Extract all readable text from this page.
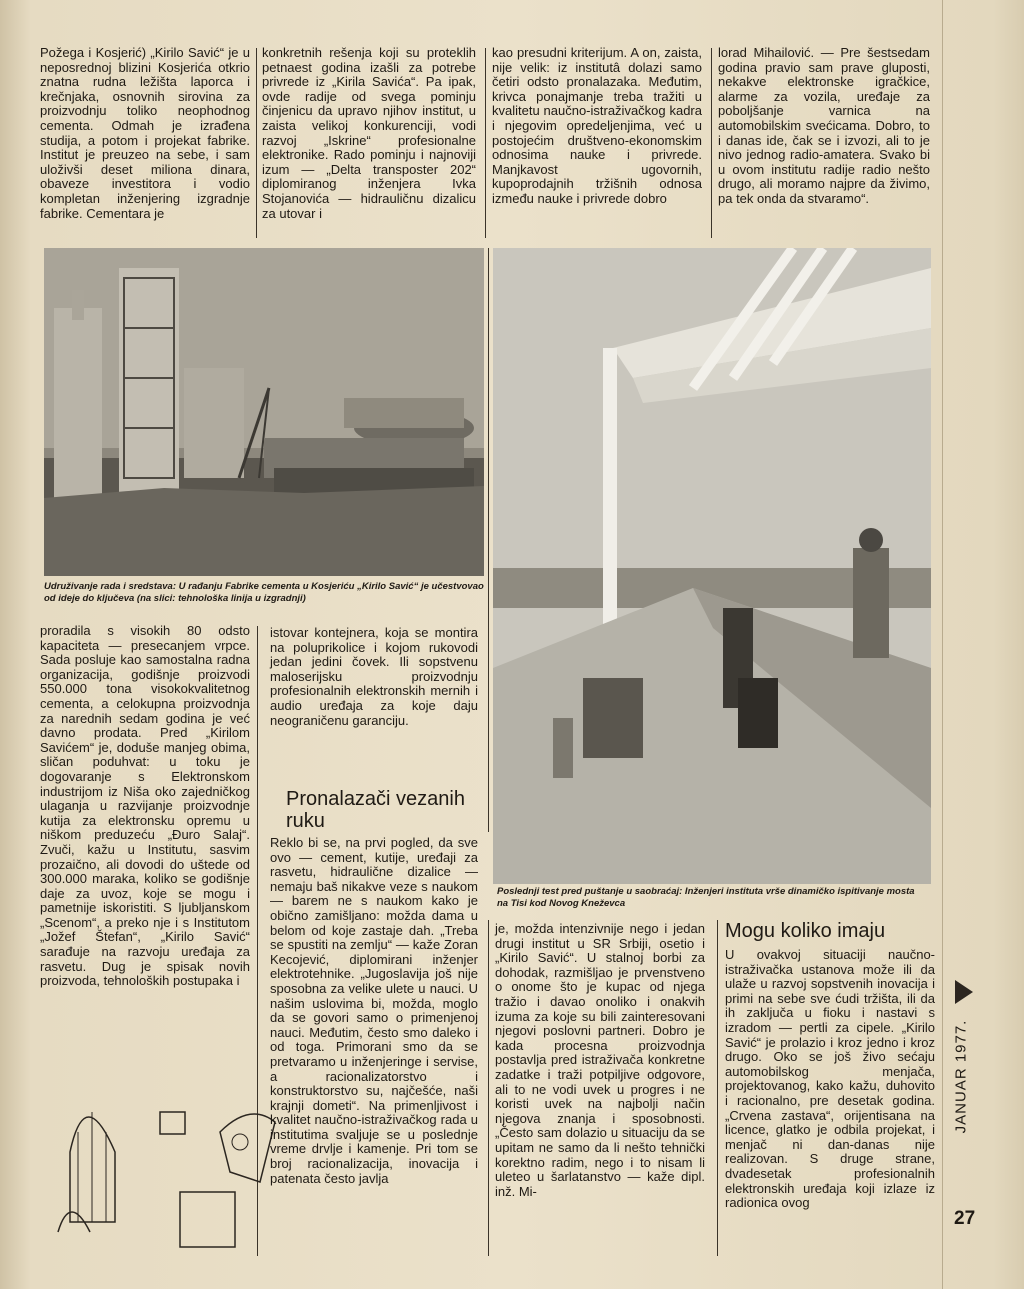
Požega i Kosjerić) „Kirilo Savić“ je u neposrednoj blizini Kosjerića otkrio znatna rudna ležišta laporca i krečnjaka, osnovnih sirovina za proizvodnju toliko neophodnog cementa. Odmah je izrađena studija, a potom i projekat fabrike. Institut je preuzeo na sebe, i sam uloživši deset miliona dinara, obaveze investitora i vodio kompletan inženjering izgradnje fabrike. Cementara je

konkretnih rešenja koji su proteklih petnaest godina izašli za potrebe privrede iz „Kirila Savića“. Pa ipak, ovde radije od svega pominju činjenicu da upravo njihov institut, u zaista velikoj konkurenciji, vodi razvoj „Iskrine“ profesionalne elektronike. Rado pominju i najnoviji izum — „Delta transposter 202“ diplomiranog inženjera Ivka Stojanovića — hidrauličnu dizalicu za utovar i

kao presudni kriterijum. A on, zaista, nije velik: iz institutâ dolazi samo četiri odsto pronalazaka. Međutim, krivca ponajmanje treba tražiti u kvalitetu naučno-istraživačkog kadra i njegovim opredeljenjima, već u postojećim društveno-ekonomskim odnosima nauke i privrede. Manjkavost ugovornih, kupoprodajnih tržišnih odnosa između nauke i privrede dobro

lorad Mihailović. — Pre šestsedam godina pravio sam prave gluposti, nekakve elektronske igračkice, alarme za vozila, uređaje za poboljšanje varnica na automobilskim svećicama. Dobro, to i danas ide, čak se i izvozi, ali to je nivo jednog radio-amatera. Svako bi u ovom institutu radije radio nešto drugo, ali moramo najpre da živimo, pa tek onda da stvaramo“.

Udruživanje rada i sredstava: U rađanju Fabrike cementa u Kosjeriću „Kirilo Savić“ je učestvovao od ideje do ključeva (na slici: tehnološka linija u izgradnji)

proradila s visokih 80 odsto kapaciteta — presecanjem vrpce. Sada posluje kao samostalna radna organizacija, godišnje proizvodi 550.000 tona visokokvalitetnog cementa, a celokupna proizvodnja za narednih sedam godina je već davno prodata. Pred „Kirilom Savićem“ je, doduše manjeg obima, sličan poduhvat: u toku je dogovaranje s Elektronskom industrijom iz Niša oko zajedničkog ulaganja u razvijanje proizvodnje kutija za elektronsku opremu u niškom preduzeću „Đuro Salaj“. Zvuči, kažu u Institutu, sasvim prozaično, ali dovodi do uštede od 300.000 maraka, koliko se godišnje daje za uvoz, koje se mogu i pametnije iskoristiti. S ljubljanskom „Scenom“, a preko nje i s Institutom „Jožef Štefan“, „Kirilo Savić“ sarađuje na razvoju uređaja za rasvetu. Dug je spisak novih proizvoda, tehnoloških postupaka i

istovar kontejnera, koja se montira na poluprikolice i kojom rukovodi jedan jedini čovek. Ili sopstvenu maloserijsku proizvodnju profesionalnih elektronskih mernih i audio uređaja za koje daju neograničenu garanciju.

Pronalazači vezanih ruku

Reklo bi se, na prvi pogled, da sve ovo — cement, kutije, uređaji za rasvetu, hidraulične dizalice — nemaju baš nikakve veze s naukom — barem ne s naukom kako je obično zamišljano: možda dama u belom od koje zastaje dah. „Treba se spustiti na zemlju“ — kaže Zoran Kecojević, diplomirani inženjer elektrotehnike. „Jugoslavija još nije sposobna za velike ulete u nauci. U našim uslovima bi, možda, moglo da se govori samo o primenjenoj nauci. Međutim, često smo daleko i od toga. Primorani smo da se pretvaramo u inženjeringe i servise, a racionalizatorstvo i konstruktorstvo su, najčešće, naši krajnji dometi“. Na primenljivost i kvalitet naučno-istraživačkog rada u institutima svaljuje se u poslednje vreme drvlje i kamenje. Pri tom se broj racionalizacija, inovacija i patenata često javlja

Poslednji test pred puštanje u saobraćaj: Inženjeri instituta vrše dinamičko ispitivanje mosta na Tisi kod Novog Kneževca

je, možda intenzivnije nego i jedan drugi institut u SR Srbiji, osetio i „Kirilo Savić“. U stalnoj borbi za dohodak, razmišljao je prvenstveno o onome što je kupac od njega tražio i davao onoliko i onakvih izuma za koje su bili zainteresovani njegovi poslovni partneri. Dobro je kada procesna proizvodnja postavlja pred istraživača konkretne zadatke i traži potpiljive odgovore, ali to ne vodi uvek u progres i ne koristi uvek na najbolji način njegova znanja i sposobnosti. „Često sam dolazio u situaciju da se upitam ne samo da li nešto tehnički korektno radim, nego i to nisam li uleteo u šarlatanstvo — kaže dipl. inž. Mi-

Mogu koliko imaju

U ovakvoj situaciji naučno-istraživačka ustanova može ili da ulaže u razvoj sopstvenih inovacija i primi na sebe sve ćudi tržišta, ili da ih zaključa u fioku i nastavi s izradom — pertli za cipele. „Kirilo Savić“ je prolazio i kroz jedno i kroz drugo. Oko se još živo sećaju automobilskog menjača, projektovanog, kako kažu, duhovito i racionalno, pre desetak godina. „Crvena zastava“, orijentisana na licence, glatko je odbila projekat, i menjač ni dan-danas nije realizovan. S druge strane, dvadesetak profesionalnih elektronskih uređaja koji izlaze iz radionica ovog

JANUAR 1977.
27
